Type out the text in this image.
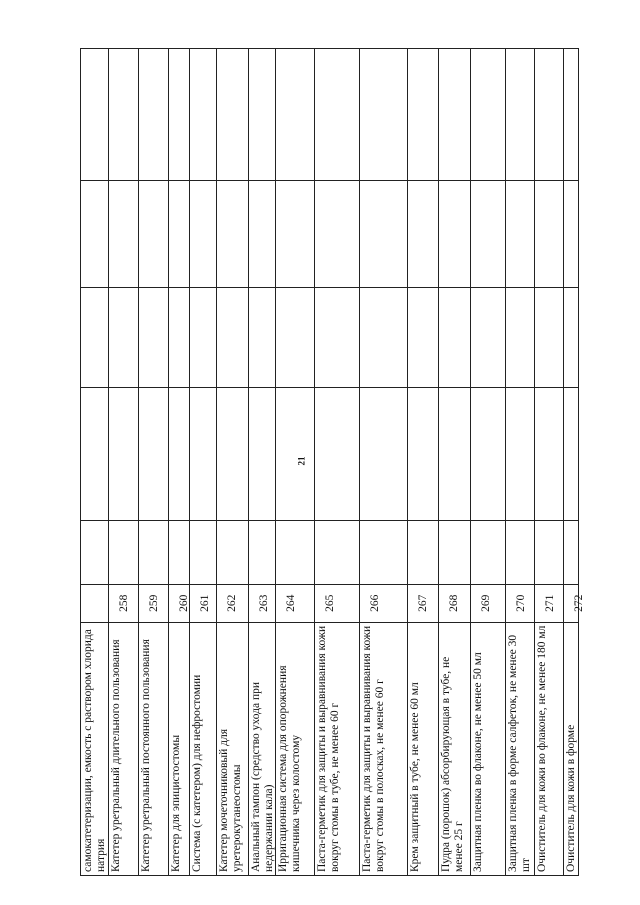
21
самокатетеризации, емкость с раствором хлорида натрия Катетер уретральный длительного пользования
258
Катетер уретральный постоянного пользования
259
Катетер для эпицистостомы
260
Система (с катетером) для нефростомии
261
Катетер мочеточниковый для уретерокутанеостомы
262
Анальный тампон (средство ухода при недержании кала)
263
Ирригационная система для опорожнения кишечника через колостому
264
Паста-герметик для защиты и выравнивания кожи вокруг стомы в тубе, не менее 60 г
265
Паста-герметик для защиты и выравнивания кожи вокруг стомы в полосках, не менее 60 г
266
Крем защитный в тубе, не менее 60 мл
267
Пудра (порошок) абсорбирующая в тубе, не менее 25 г
268
Защитная пленка во флаконе, не менее 50 мл
269
Защитная пленка в форме салфеток, не менее 30 шт
270
Очиститель для кожи во флаконе, не менее 180 мл
271
Очиститель для кожи в форме
272
